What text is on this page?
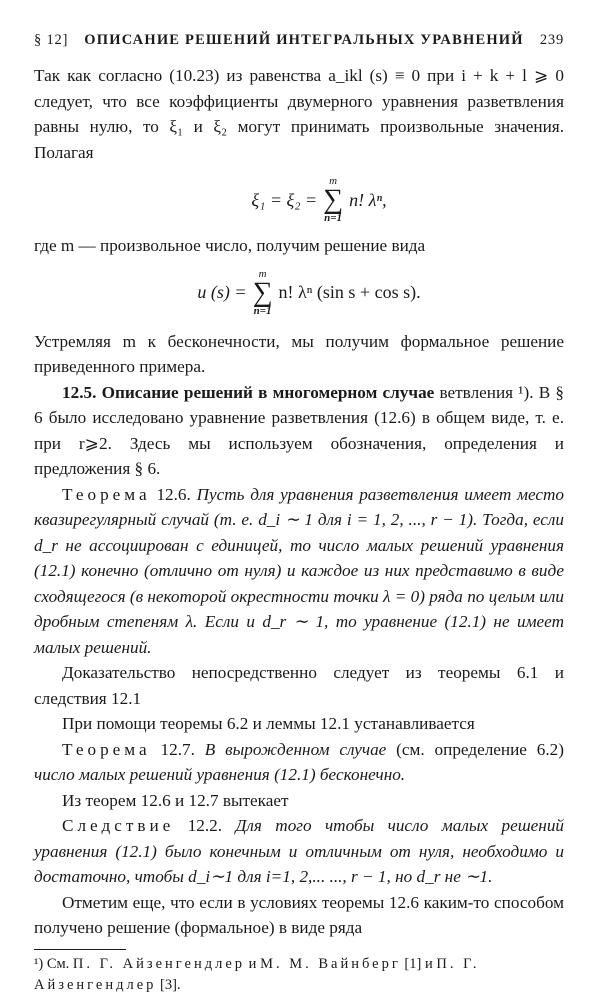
§ 12] ОПИСАНИЕ РЕШЕНИЙ ИНТЕГРАЛЬНЫХ УРАВНЕНИЙ 239

Так как согласно (10.23) из равенства a_ikl (s) ≡ 0 при i + k + l ⩾ 0 следует, что все коэффициенты двумерного уравнения разветвления равны нулю, то ξ₁ и ξ₂ могут принимать произвольные значения. Полагая

ξ₁ = ξ₂ =
m
∑
n=1
n! λⁿ,

где m — произвольное число, получим решение вида

u (s) =
m
∑
n=1
n! λⁿ (sin s + cos s).

Устремляя m к бесконечности, мы получим формальное решение приведенного примера.

12.5. Описание решений в многомерном случае ветвления ¹). В § 6 было исследовано уравнение разветвления (12.6) в общем виде, т. е. при r⩾2. Здесь мы используем обозначения, определения и предложения § 6.

Теорема 12.6. Пусть для уравнения разветвления имеет место квазирегулярный случай (т. е. d_i ∼ 1 для i = 1, 2, ..., r − 1). Тогда, если d_r не ассоциирован с единицей, то число малых решений уравнения (12.1) конечно (отлично от нуля) и каждое из них представимо в виде сходящегося (в некоторой окрестности точки λ = 0) ряда по целым или дробным степеням λ. Если и d_r ∼ 1, то уравнение (12.1) не имеет малых решений.

Доказательство непосредственно следует из теоремы 6.1 и следствия 12.1

При помощи теоремы 6.2 и леммы 12.1 устанавливается

Теорема 12.7. В вырожденном случае (см. определение 6.2) число малых решений уравнения (12.1) бесконечно.

Из теорем 12.6 и 12.7 вытекает

Следствие 12.2. Для того чтобы число малых решений уравнения (12.1) было конечным и отличным от нуля, необходимо и достаточно, чтобы d_i∼1 для i=1, 2,... ..., r − 1, но d_r не ∼1.

Отметим еще, что если в условиях теоремы 12.6 каким-то способом получено решение (формальное) в виде ряда

¹) См. П. Г. Айзенгендлер и М. М. Вайнберг [1] и П. Г. Айзенгендлер [3].
